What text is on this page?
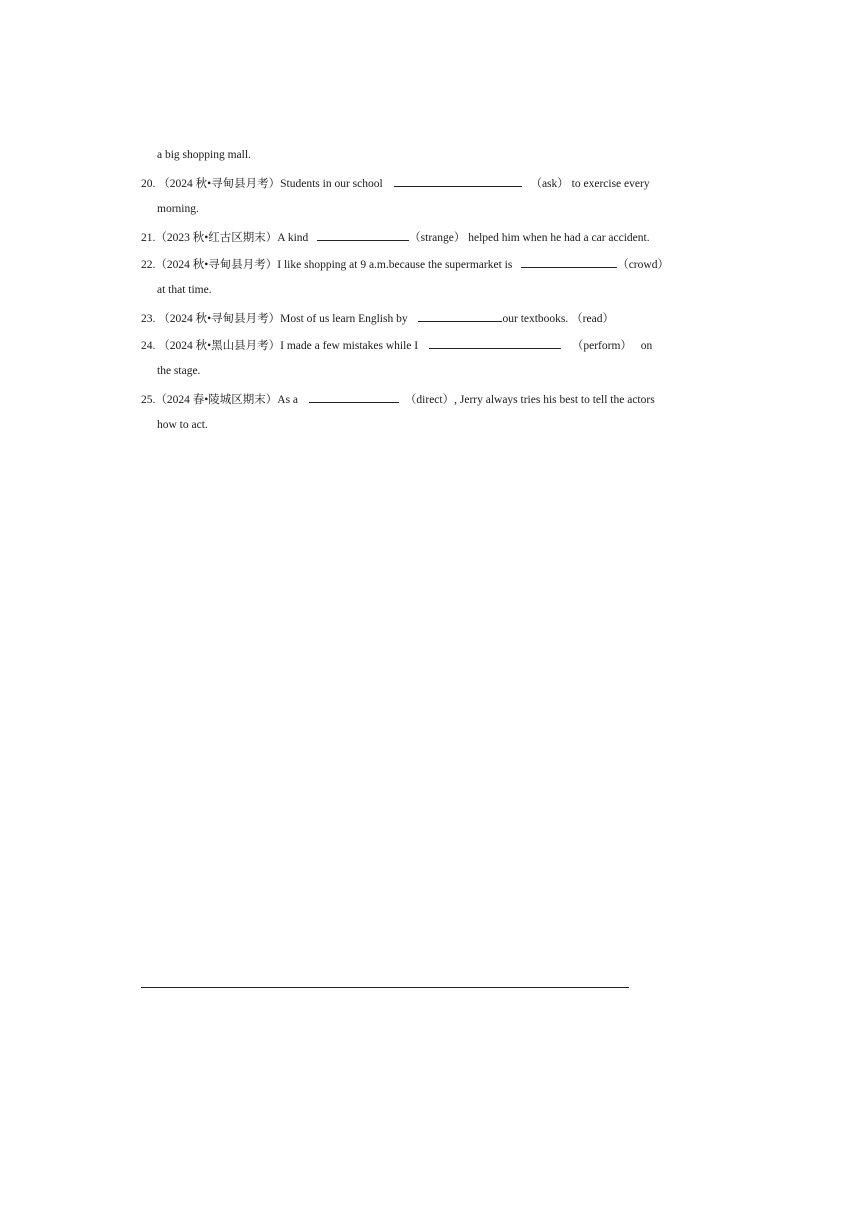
a big shopping mall.
20. （2024 秋•寻甸县月考）Students in our school	（ask） to exercise every
morning.
21.（2023 秋•红古区期末）A kind	（strange） helped him when he had a car accident.
22.（2024 秋•寻甸县月考）I like shopping at 9 a.m.because the supermarket is	（crowd）
at that time.
23. （2024 秋•寻甸县月考）Most of us learn English by	our textbooks. （read）
24. （2024 秋•黑山县月考）I made a few mistakes while I	（perform） on
the stage.
25.（2024 春•陵城区期末）As a	（direct）, Jerry always tries his best to tell the actors
how to act.
